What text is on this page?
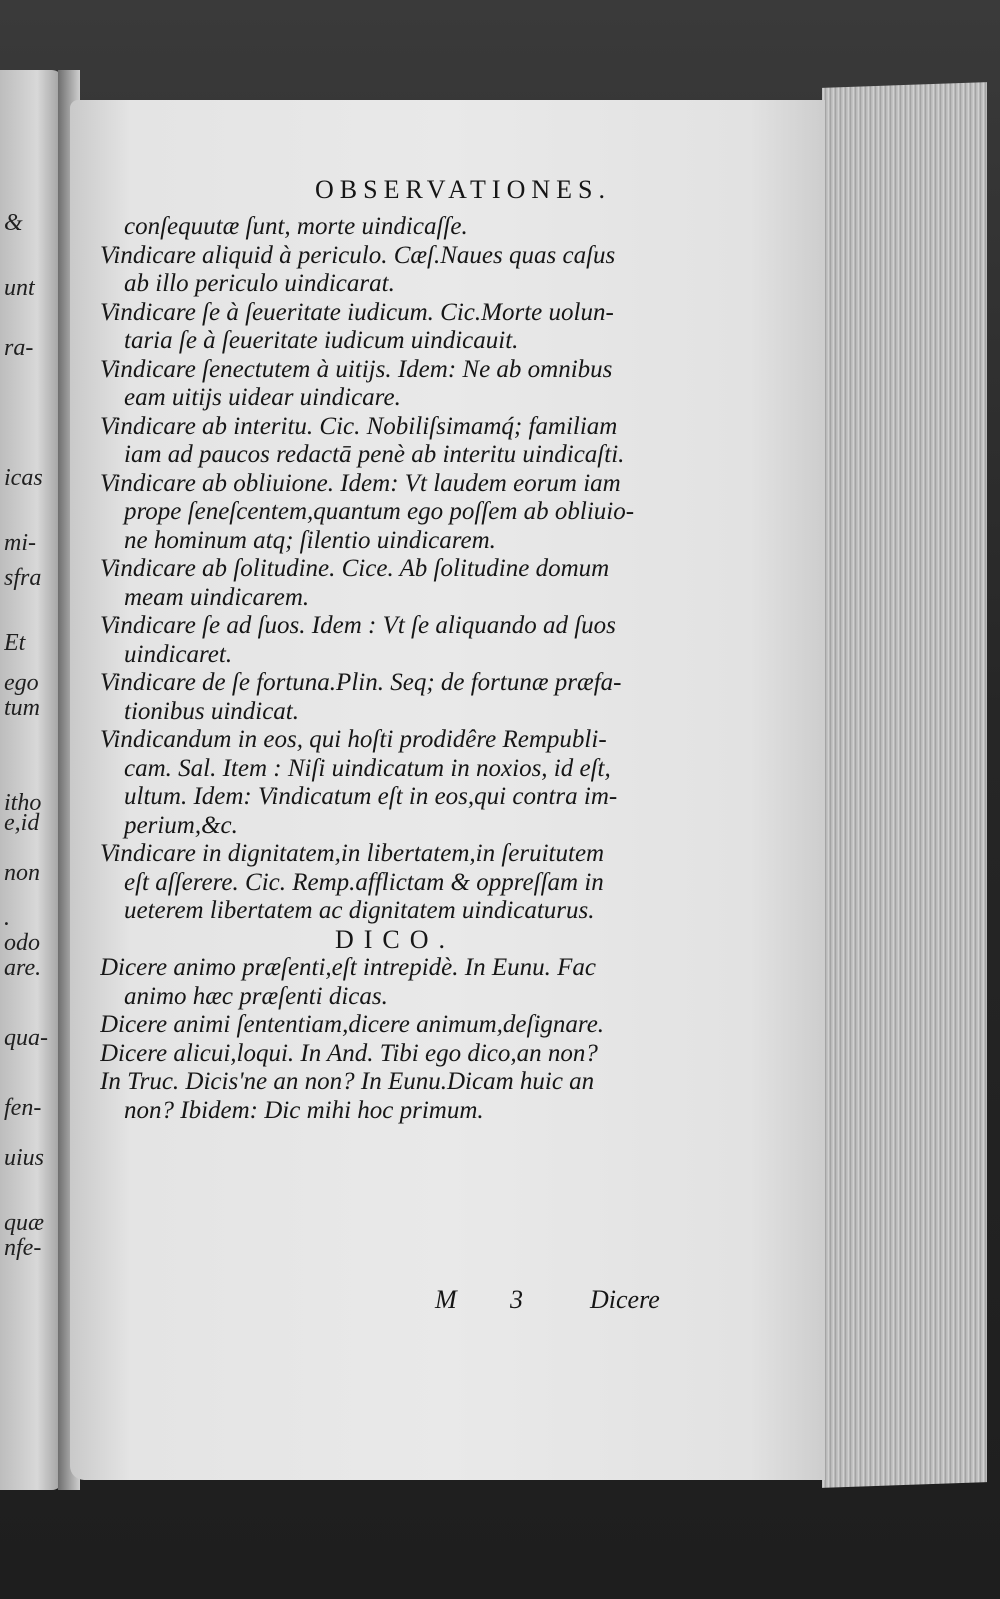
&
unt
ra-
icas
mi-
sfra
Et
ego
tum
itho
e,id
non
.
odo
are.
qua-
fen-
uius
quæ
nfe-
OBSERVATIONES.
conſequutæ ſunt, morte uindicaſſe.
Vindicare aliquid à periculo. Cæſ.Naues quas caſus
ab illo periculo uindicarat.
Vindicare ſe à ſeueritate iudicum. Cic.Morte uolun-
taria ſe à ſeueritate iudicum uindicauit.
Vindicare ſenectutem à uitijs. Idem: Ne ab omnibus
eam uitijs uidear uindicare.
Vindicare ab interitu. Cic. Nobiliſsimamq́; familiam
iam ad paucos redactā penè ab interitu uindicaſti.
Vindicare ab obliuione. Idem: Vt laudem eorum iam
prope ſeneſcentem,quantum ego poſſem ab obliuio-
ne hominum atq; ſilentio uindicarem.
Vindicare ab ſolitudine. Cice. Ab ſolitudine domum
meam uindicarem.
Vindicare ſe ad ſuos. Idem : Vt ſe aliquando ad ſuos
uindicaret.
Vindicare de ſe fortuna.Plin. Seq; de fortunæ præfa-
tionibus uindicat.
Vindicandum in eos, qui hoſti prodidêre Rempubli-
cam. Sal. Item : Niſi uindicatum in noxios, id eſt,
ultum. Idem: Vindicatum eſt in eos,qui contra im-
perium,&c.
Vindicare in dignitatem,in libertatem,in ſeruitutem
eſt aſſerere. Cic. Remp.afflictam & oppreſſam in
ueterem libertatem ac dignitatem uindicaturus.
DICO.
Dicere animo præſenti,eſt intrepidè. In Eunu. Fac
animo hæc præſenti dicas.
Dicere animi ſententiam,dicere animum,deſignare.
Dicere alicui,loqui. In And. Tibi ego dico,an non?
In Truc. Dicis'ne an non? In Eunu.Dicam huic an
non? Ibidem: Dic mihi hoc primum.
M 3	Dicere
